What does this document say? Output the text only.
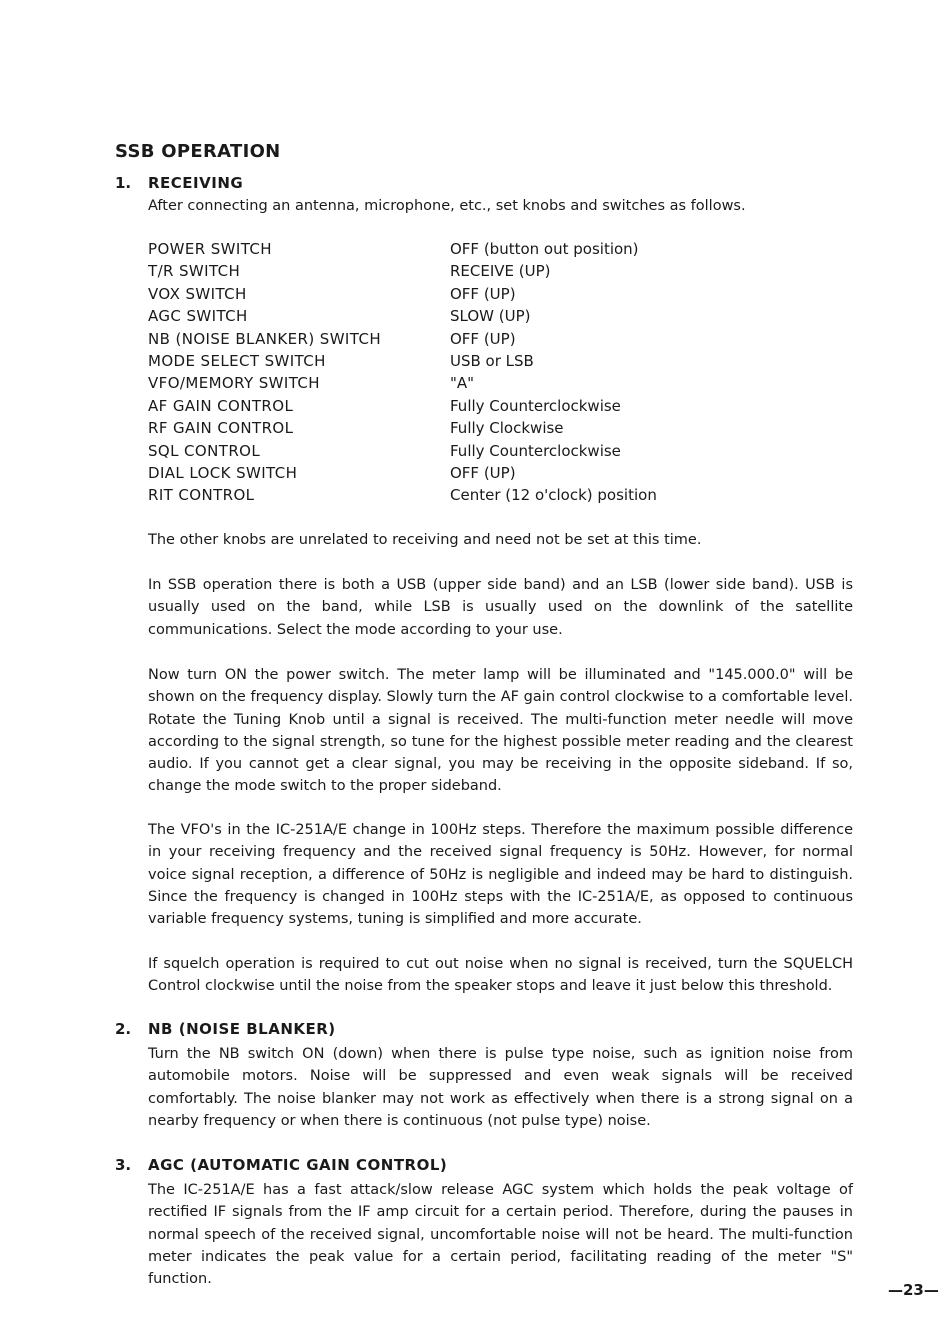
SSB OPERATION
1. RECEIVING

After connecting an antenna, microphone, etc., set knobs and switches as follows.

POWER SWITCH	OFF (button out position)
T/R SWITCH	RECEIVE (UP)
VOX SWITCH	OFF (UP)
AGC SWITCH	SLOW (UP)
NB (NOISE BLANKER) SWITCH	OFF (UP)
MODE SELECT SWITCH	USB or LSB
VFO/MEMORY SWITCH	"A"
AF GAIN CONTROL	Fully Counterclockwise
RF GAIN CONTROL	Fully Clockwise
SQL CONTROL	Fully Counterclockwise
DIAL LOCK SWITCH	OFF (UP)
RIT CONTROL	Center (12 o'clock) position

The other knobs are unrelated to receiving and need not be set at this time.

In SSB operation there is both a USB (upper side band) and an LSB (lower side band). USB is usually used on the band, while LSB is usually used on the downlink of the satellite communications. Select the mode according to your use.

Now turn ON the power switch. The meter lamp will be illuminated and "145.000.0" will be shown on the frequency display. Slowly turn the AF gain control clockwise to a comfortable level. Rotate the Tuning Knob until a signal is received. The multi-function meter needle will move according to the signal strength, so tune for the highest possible meter reading and the clearest audio. If you cannot get a clear signal, you may be receiving in the opposite sideband. If so, change the mode switch to the proper sideband.

The VFO's in the IC-251A/E change in 100Hz steps. Therefore the maximum possible difference in your receiving frequency and the received signal frequency is 50Hz. However, for normal voice signal reception, a difference of 50Hz is negligible and indeed may be hard to distinguish. Since the frequency is changed in 100Hz steps with the IC-251A/E, as opposed to continuous variable frequency systems, tuning is simplified and more accurate.

If squelch operation is required to cut out noise when no signal is received, turn the SQUELCH Control clockwise until the noise from the speaker stops and leave it just below this threshold.

2. NB (NOISE BLANKER)

Turn the NB switch ON (down) when there is pulse type noise, such as ignition noise from automobile motors. Noise will be suppressed and even weak signals will be received comfortably. The noise blanker may not work as effectively when there is a strong signal on a nearby frequency or when there is continuous (not pulse type) noise.

3. AGC (AUTOMATIC GAIN CONTROL)

The IC-251A/E has a fast attack/slow release AGC system which holds the peak voltage of rectified IF signals from the IF amp circuit for a certain period. Therefore, during the pauses in normal speech of the received signal, uncomfortable noise will not be heard. The multi-function meter indicates the peak value for a certain period, facilitating reading of the meter "S" function.

—23—
